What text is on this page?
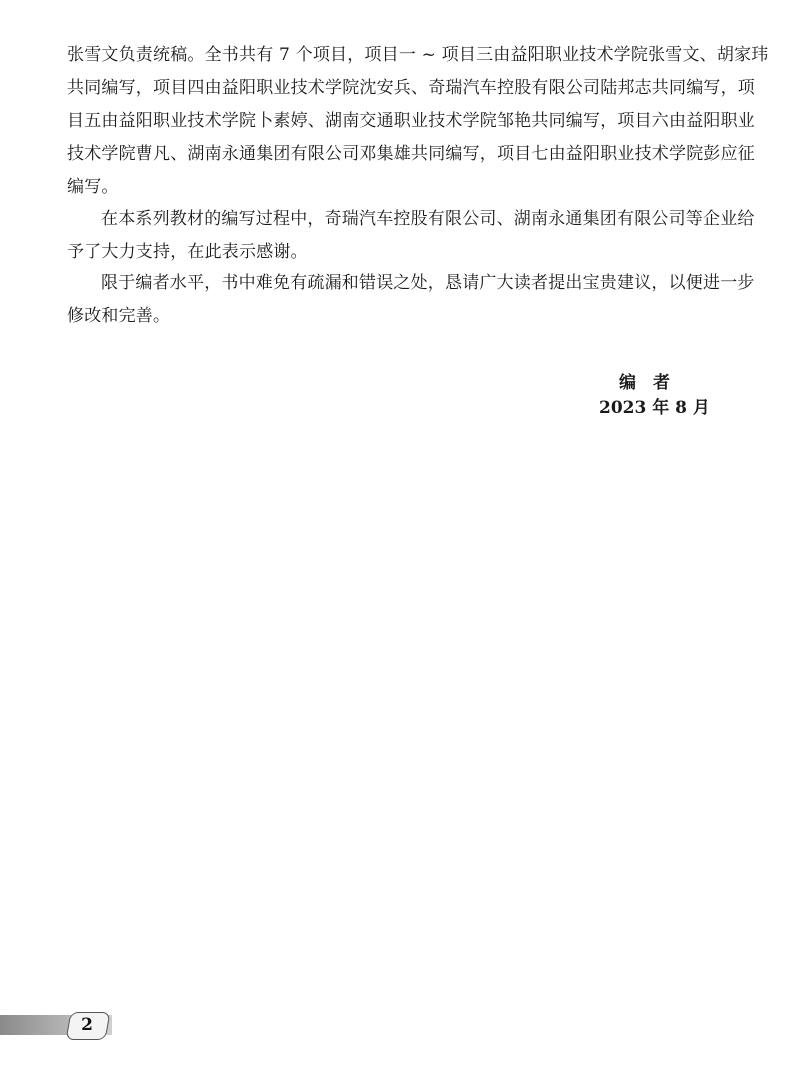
张雪文负责统稿。全书共有 7 个项目，项目一 ~ 项目三由益阳职业技术学院张雪文、胡家玮
共同编写，项目四由益阳职业技术学院沈安兵、奇瑞汽车控股有限公司陆邦志共同编写，项
目五由益阳职业技术学院卜素婷、湖南交通职业技术学院邹艳共同编写，项目六由益阳职业
技术学院曹凡、湖南永通集团有限公司邓集雄共同编写，项目七由益阳职业技术学院彭应征
编写。
在本系列教材的编写过程中，奇瑞汽车控股有限公司、湖南永通集团有限公司等企业给
予了大力支持，在此表示感谢。
限于编者水平，书中难免有疏漏和错误之处，恳请广大读者提出宝贵建议，以便进一步
修改和完善。
编　者
2023 年 8 月
2
